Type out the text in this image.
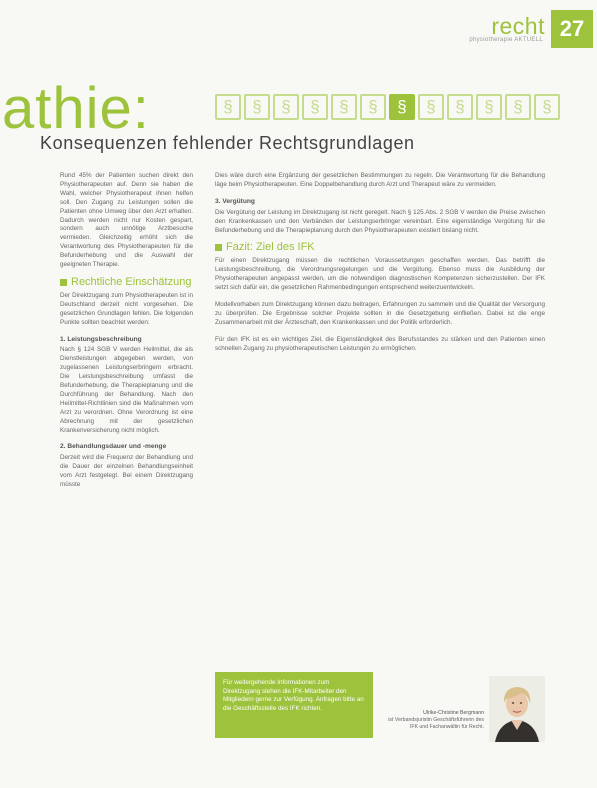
recht
physiotherapie AKTUELL 27
athie:	§	§	§	§	§	§	§	§	§	§	§	§
Konsequenzen fehlender Rechtsgrundlagen

Rund 45% der Patienten suchen direkt den Physiotherapeuten auf. Denn sie haben die Wahl, welcher Physiotherapeut ihnen helfen soll. Den Zugang zu Leistungen sollen die Patienten ohne Umweg über den Arzt erhalten. Dadurch werden nicht nur Kosten gespart, sondern auch unnötige Arztbesuche vermieden. Gleichzeitig erhöht sich die Verantwortung des Physiotherapeuten für die Befunderhebung und die Auswahl der geeigneten Therapie.

Rechtliche Einschätzung

Der Direktzugang zum Physiotherapeuten ist in Deutschland derzeit nicht vorgesehen. Die gesetzlichen Grundlagen fehlen. Die folgenden Punkte sollten beachtet werden:

1. Leistungsbeschreibung

Nach § 124 SGB V werden Heilmittel, die als Dienstleistungen abgegeben werden, von zugelassenen Leistungserbringern erbracht. Die Leistungsbeschreibung umfasst die Befunderhebung, die Therapieplanung und die Durchführung der Behandlung. Nach den Heilmittel-Richtlinien sind die Maßnahmen vom Arzt zu verordnen. Ohne Verordnung ist eine Abrechnung mit der gesetzlichen Krankenversicherung nicht möglich.

2. Behandlungsdauer und -menge

Derzeit wird die Frequenz der Behandlung und die Dauer der einzelnen Behandlungseinheit vom Arzt festgelegt. Bei einem Direktzugang müsste

Dies wäre durch eine Ergänzung der gesetzlichen Bestimmungen zu regeln. Die Verantwortung für die Behandlung läge beim Physiotherapeuten. Eine Doppelbehandlung durch Arzt und Therapeut wäre zu vermeiden.

3. Vergütung

Die Vergütung der Leistung im Direktzugang ist nicht geregelt. Nach § 125 Abs. 2 SGB V werden die Preise zwischen den Krankenkassen und den Verbänden der Leistungserbringer vereinbart. Eine eigenständige Vergütung für die Befunderhebung und die Therapieplanung durch den Physiotherapeuten existiert bislang nicht.

Fazit: Ziel des IFK

Für einen Direktzugang müssen die rechtlichen Voraussetzungen geschaffen werden. Das betrifft die Leistungsbeschreibung, die Verordnungsregelungen und die Vergütung. Ebenso muss die Ausbildung der Physiotherapeuten angepasst werden, um die notwendigen diagnostischen Kompetenzen sicherzustellen. Der IFK setzt sich dafür ein, die gesetzlichen Rahmenbedingungen entsprechend weiterzuentwickeln.

Modellvorhaben zum Direktzugang können dazu beitragen, Erfahrungen zu sammeln und die Qualität der Versorgung zu überprüfen. Die Ergebnisse solcher Projekte sollten in die Gesetzgebung einfließen. Dabei ist die enge Zusammenarbeit mit der Ärzteschaft, den Krankenkassen und der Politik erforderlich.

Für den IFK ist es ein wichtiges Ziel, die Eigenständigkeit des Berufsstandes zu stärken und den Patienten einen schnellen Zugang zu physiotherapeutischen Leistungen zu ermöglichen.

Für weitergehende Informationen zum Direktzugang stehen die IFK-Mitarbeiter den Mitgliedern gerne zur Verfügung. Anfragen bitte an die Geschäftsstelle des IFK richten.
Ulrike-Christine Bergmann
ist Verbandsjuristin Geschäftsführerin des IFK und Fachanwältin für Recht.
